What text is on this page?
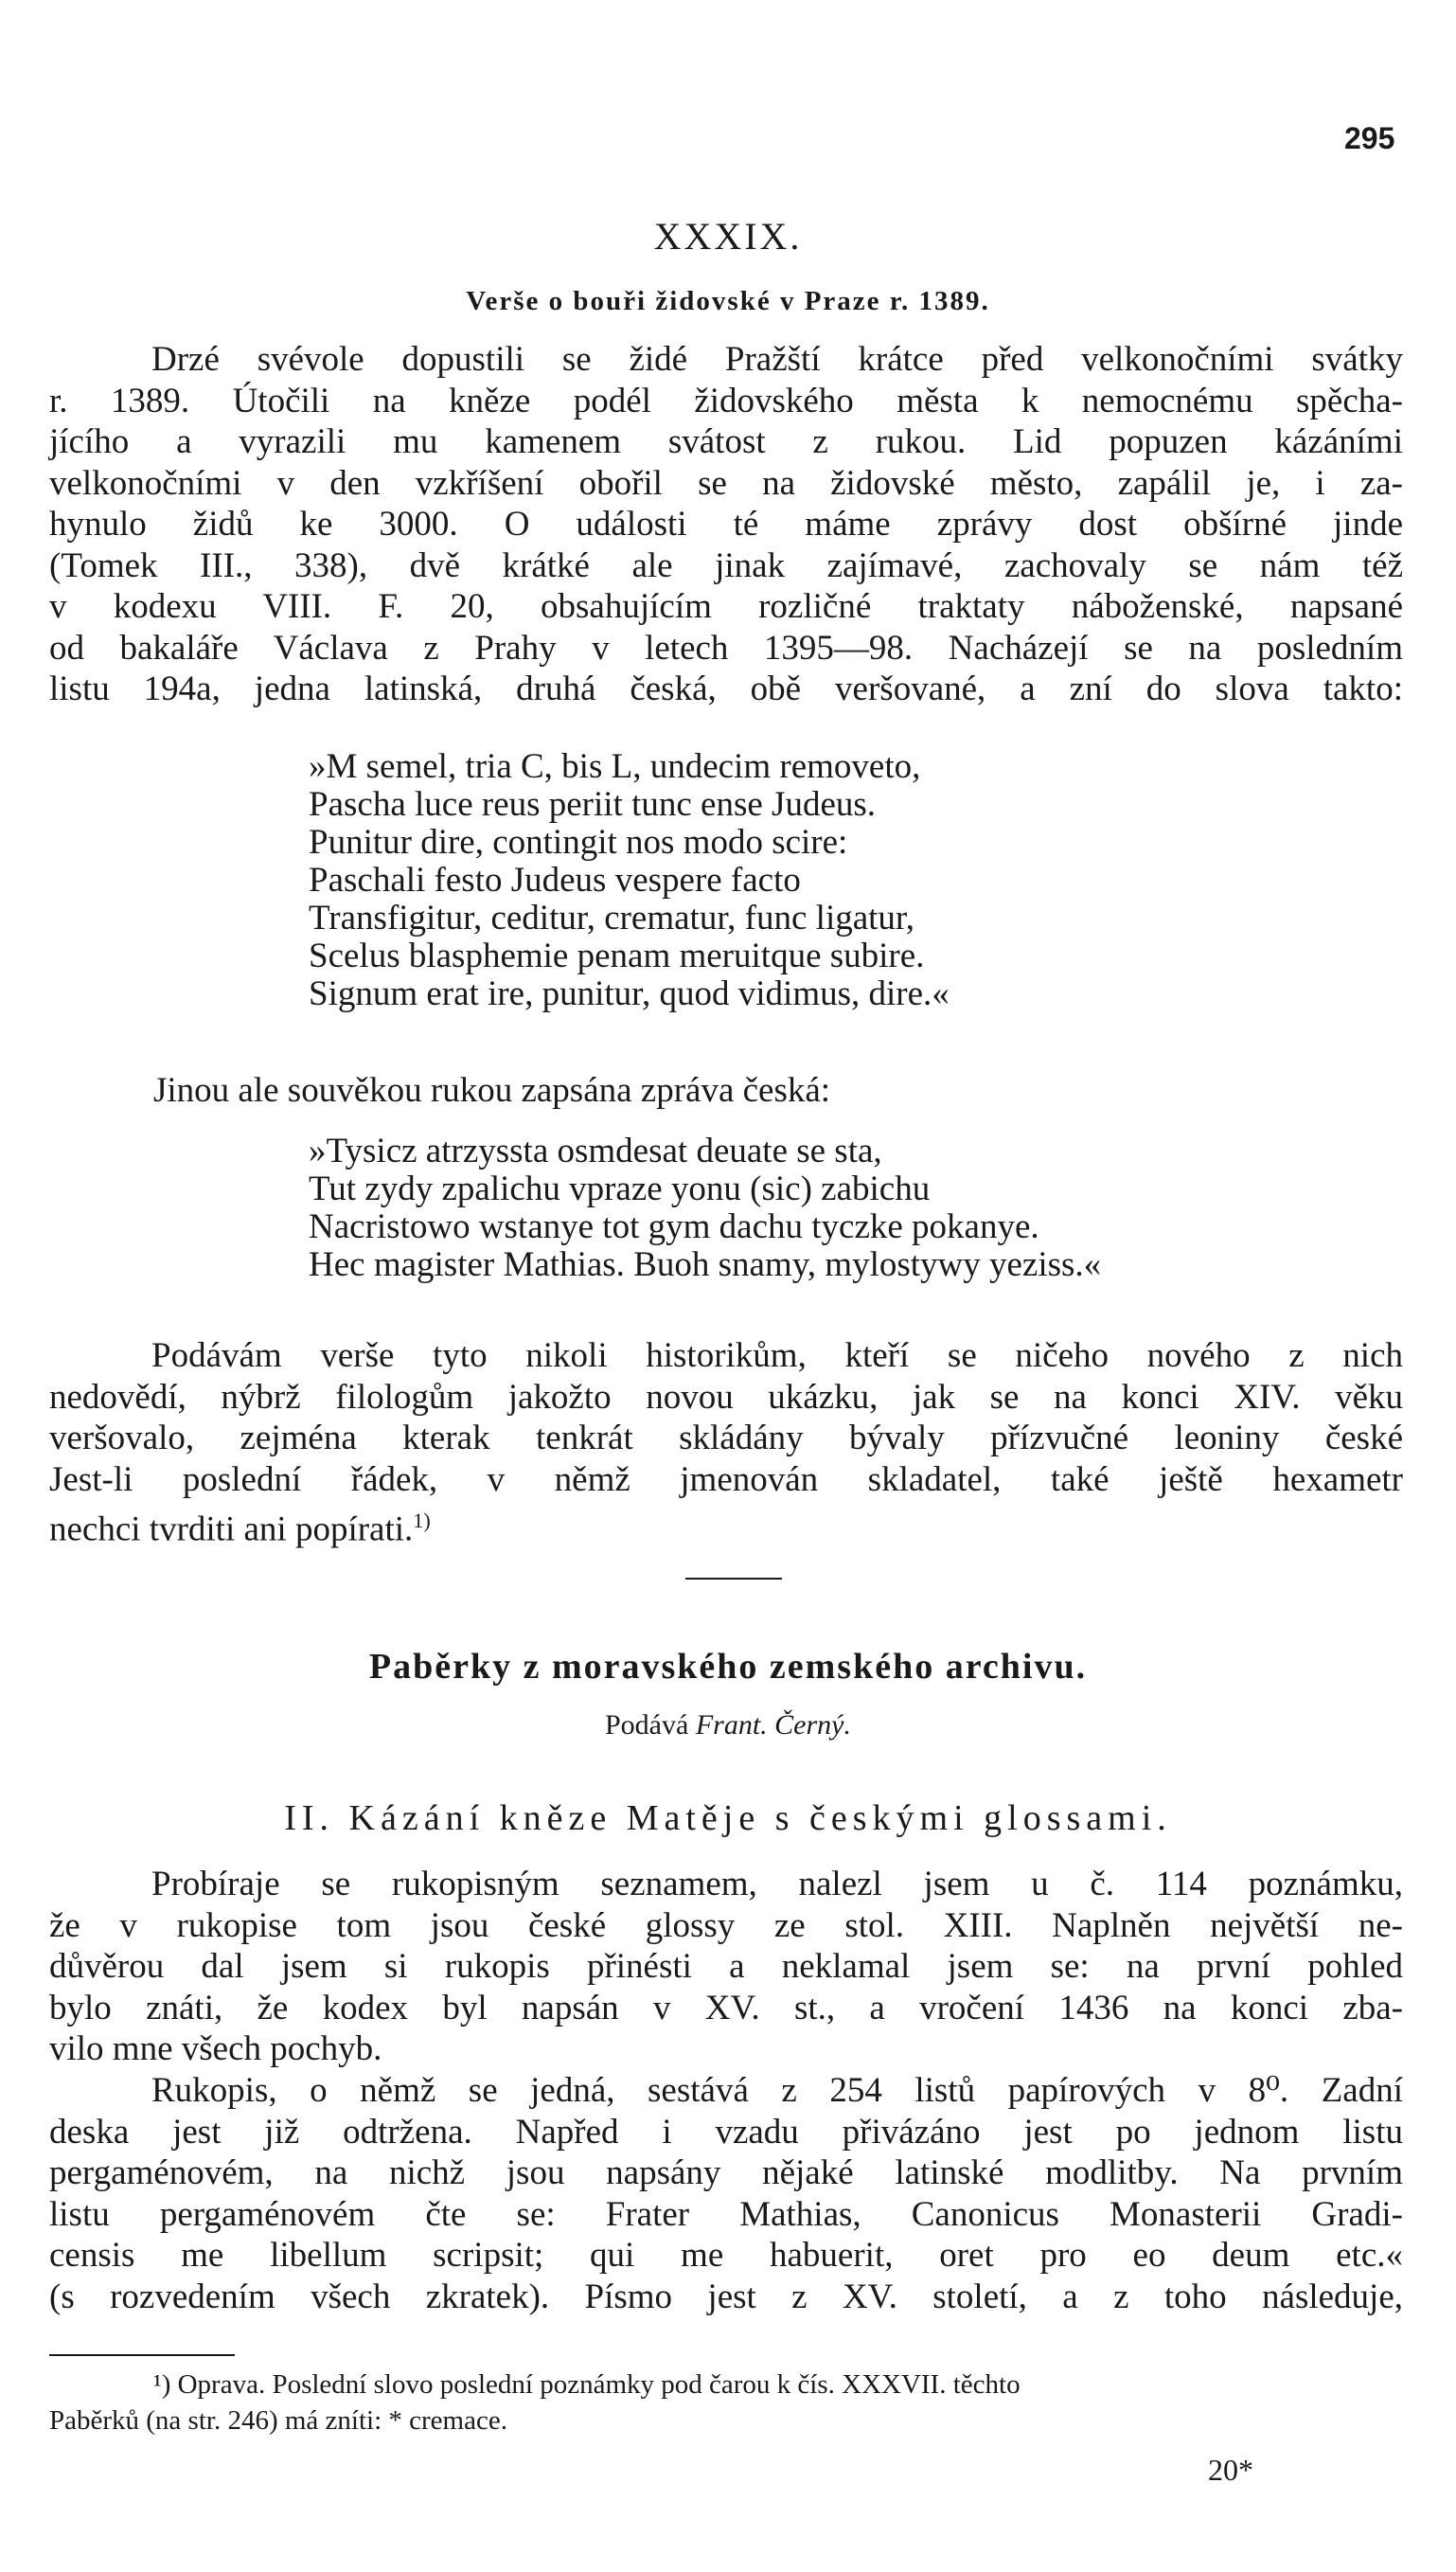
295
XXXIX.
Verše o bouři židovské v Praze r. 1389.
Drzé svévole dopustili se židé Pražští krátce před velkonočními svátky
r. 1389. Útočili na kněze podél židovského města k nemocnému spěcha-
jícího a vyrazili mu kamenem svátost z rukou. Lid popuzen kázáními
velkonočními v den vzkříšení obořil se na židovské město, zapálil je, i za-
hynulo židů ke 3000. O události té máme zprávy dost obšírné jinde
(Tomek III., 338), dvě krátké ale jinak zajímavé, zachovaly se nám též
v kodexu VIII. F. 20, obsahujícím rozličné traktaty náboženské, napsané
od bakaláře Václava z Prahy v letech 1395—98. Nacházejí se na posledním
listu 194a, jedna latinská, druhá česká, obě veršované, a zní do slova takto:
»M semel, tria C, bis L, undecim removeto,
Pascha luce reus periit tunc ense Judeus.
Punitur dire, contingit nos modo scire:
Paschali festo Judeus vespere facto
Transfigitur, ceditur, crematur, func ligatur,
Scelus blasphemie penam meruitque subire.
Signum erat ire, punitur, quod vidimus, dire.«
Jinou ale souvěkou rukou zapsána zpráva česká:
»Tysicz atrzyssta osmdesat deuate se sta,
Tut zydy zpalichu vpraze yonu (sic) zabichu
Nacristowo wstanye tot gym dachu tyczke pokanye.
Hec magister Mathias. Buoh snamy, mylostywy yeziss.«
Podávám verše tyto nikoli historikům, kteří se ničeho nového z nich
nedovědí, nýbrž filologům jakožto novou ukázku, jak se na konci XIV. věku
veršovalo, zejména kterak tenkrát skládány bývaly přízvučné leoniny české
Jest-li poslední řádek, v němž jmenován skladatel, také ještě hexametr
nechci tvrditi ani popírati.$^{1)}$
Paběrky z moravského zemského archivu.
Podává Frant. Černý.
II. Kázání kněze Matěje s českými glossami.
Probíraje se rukopisným seznamem, nalezl jsem u č. 114 poznámku,
že v rukopise tom jsou české glossy ze stol. XIII. Naplněn největší ne-
důvěrou dal jsem si rukopis přinésti a neklamal jsem se: na první pohled
bylo znáti, že kodex byl napsán v XV. st., a vročení 1436 na konci zba-
vilo mne všech pochyb.
Rukopis, o němž se jedná, sestává z 254 listů papírových v 8⁰. Zadní
deska jest již odtržena. Napřed i vzadu přivázáno jest po jednom listu
pergaménovém, na nichž jsou napsány nějaké latinské modlitby. Na prvním
listu pergaménovém čte se: Frater Mathias, Canonicus Monasterii Gradi-
censis me libellum scripsit; qui me habuerit, oret pro eo deum etc.«
(s rozvedením všech zkratek). Písmo jest z XV. století, a z toho následuje,
¹) Oprava. Poslední slovo poslední poznámky pod čarou k čís. XXXVII. těchto
Paběrků (na str. 246) má zníti: * cremace.
20*
